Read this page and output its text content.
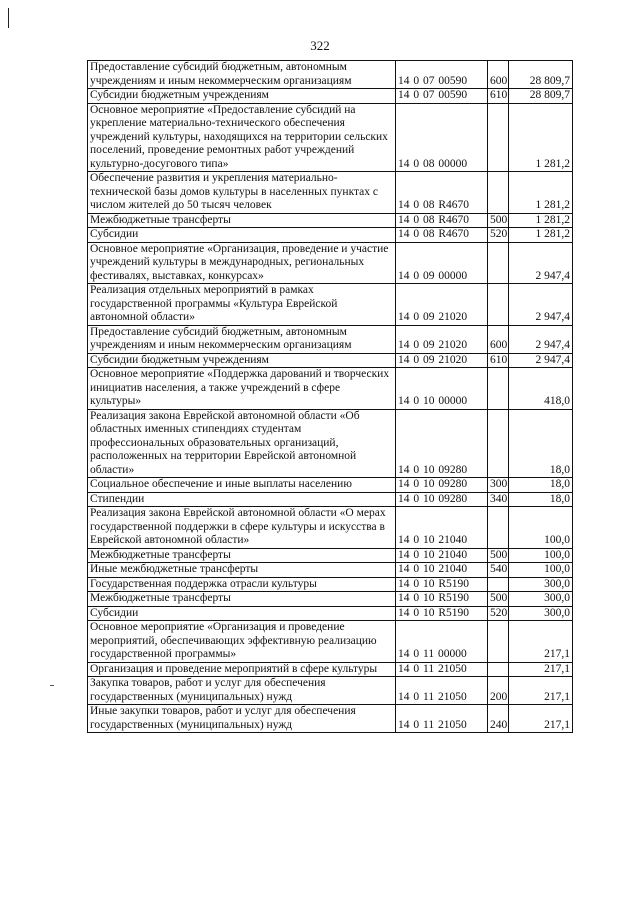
322
Предоставление субсидий бюджетным, автономным учреждениям и иным некоммерческим организациям	14 0 07 00590	600	28 809,7
Субсидии бюджетным учреждениям	14 0 07 00590	610	28 809,7
Основное мероприятие «Предоставление субсидий на укрепление материально-технического обеспечения учреждений культуры, находящихся на территории сельских поселений, проведение ремонтных работ учреждений культурно-досугового типа»	14 0 08 00000		1 281,2
Обеспечение развития и укрепления материально-технической базы домов культуры в населенных пунктах с числом жителей до 50 тысяч человек	14 0 08 R4670		1 281,2
Межбюджетные трансферты	14 0 08 R4670	500	1 281,2
Субсидии	14 0 08 R4670	520	1 281,2
Основное мероприятие «Организация, проведение и участие учреждений культуры в международных, региональных фестивалях, выставках, конкурсах»	14 0 09 00000		2 947,4
Реализация отдельных мероприятий в рамках государственной программы «Культура Еврейской автономной области»	14 0 09 21020		2 947,4
Предоставление субсидий бюджетным, автономным учреждениям и иным некоммерческим организациям	14 0 09 21020	600	2 947,4
Субсидии бюджетным учреждениям	14 0 09 21020	610	2 947,4
Основное мероприятие «Поддержка дарований и творческих инициатив населения, а также учреждений в сфере культуры»	14 0 10 00000		418,0
Реализация закона Еврейской автономной области «Об областных именных стипендиях студентам профессиональных образовательных организаций, расположенных на территории Еврейской автономной области»	14 0 10 09280		18,0
Социальное обеспечение и иные выплаты населению	14 0 10 09280	300	18,0
Стипендии	14 0 10 09280	340	18,0
Реализация закона Еврейской автономной области «О мерах государственной поддержки в сфере культуры и искусства в Еврейской автономной области»	14 0 10 21040		100,0
Межбюджетные трансферты	14 0 10 21040	500	100,0
Иные межбюджетные трансферты	14 0 10 21040	540	100,0
Государственная поддержка отрасли культуры	14 0 10 R5190		300,0
Межбюджетные трансферты	14 0 10 R5190	500	300,0
Субсидии	14 0 10 R5190	520	300,0
Основное мероприятие «Организация и проведение мероприятий, обеспечивающих эффективную реализацию государственной программы»	14 0 11 00000		217,1
Организация и проведение мероприятий в сфере культуры	14 0 11 21050		217,1
Закупка товаров, работ и услуг для обеспечения государственных (муниципальных) нужд	14 0 11 21050	200	217,1
Иные закупки товаров, работ и услуг для обеспечения государственных (муниципальных) нужд	14 0 11 21050	240	217,1
